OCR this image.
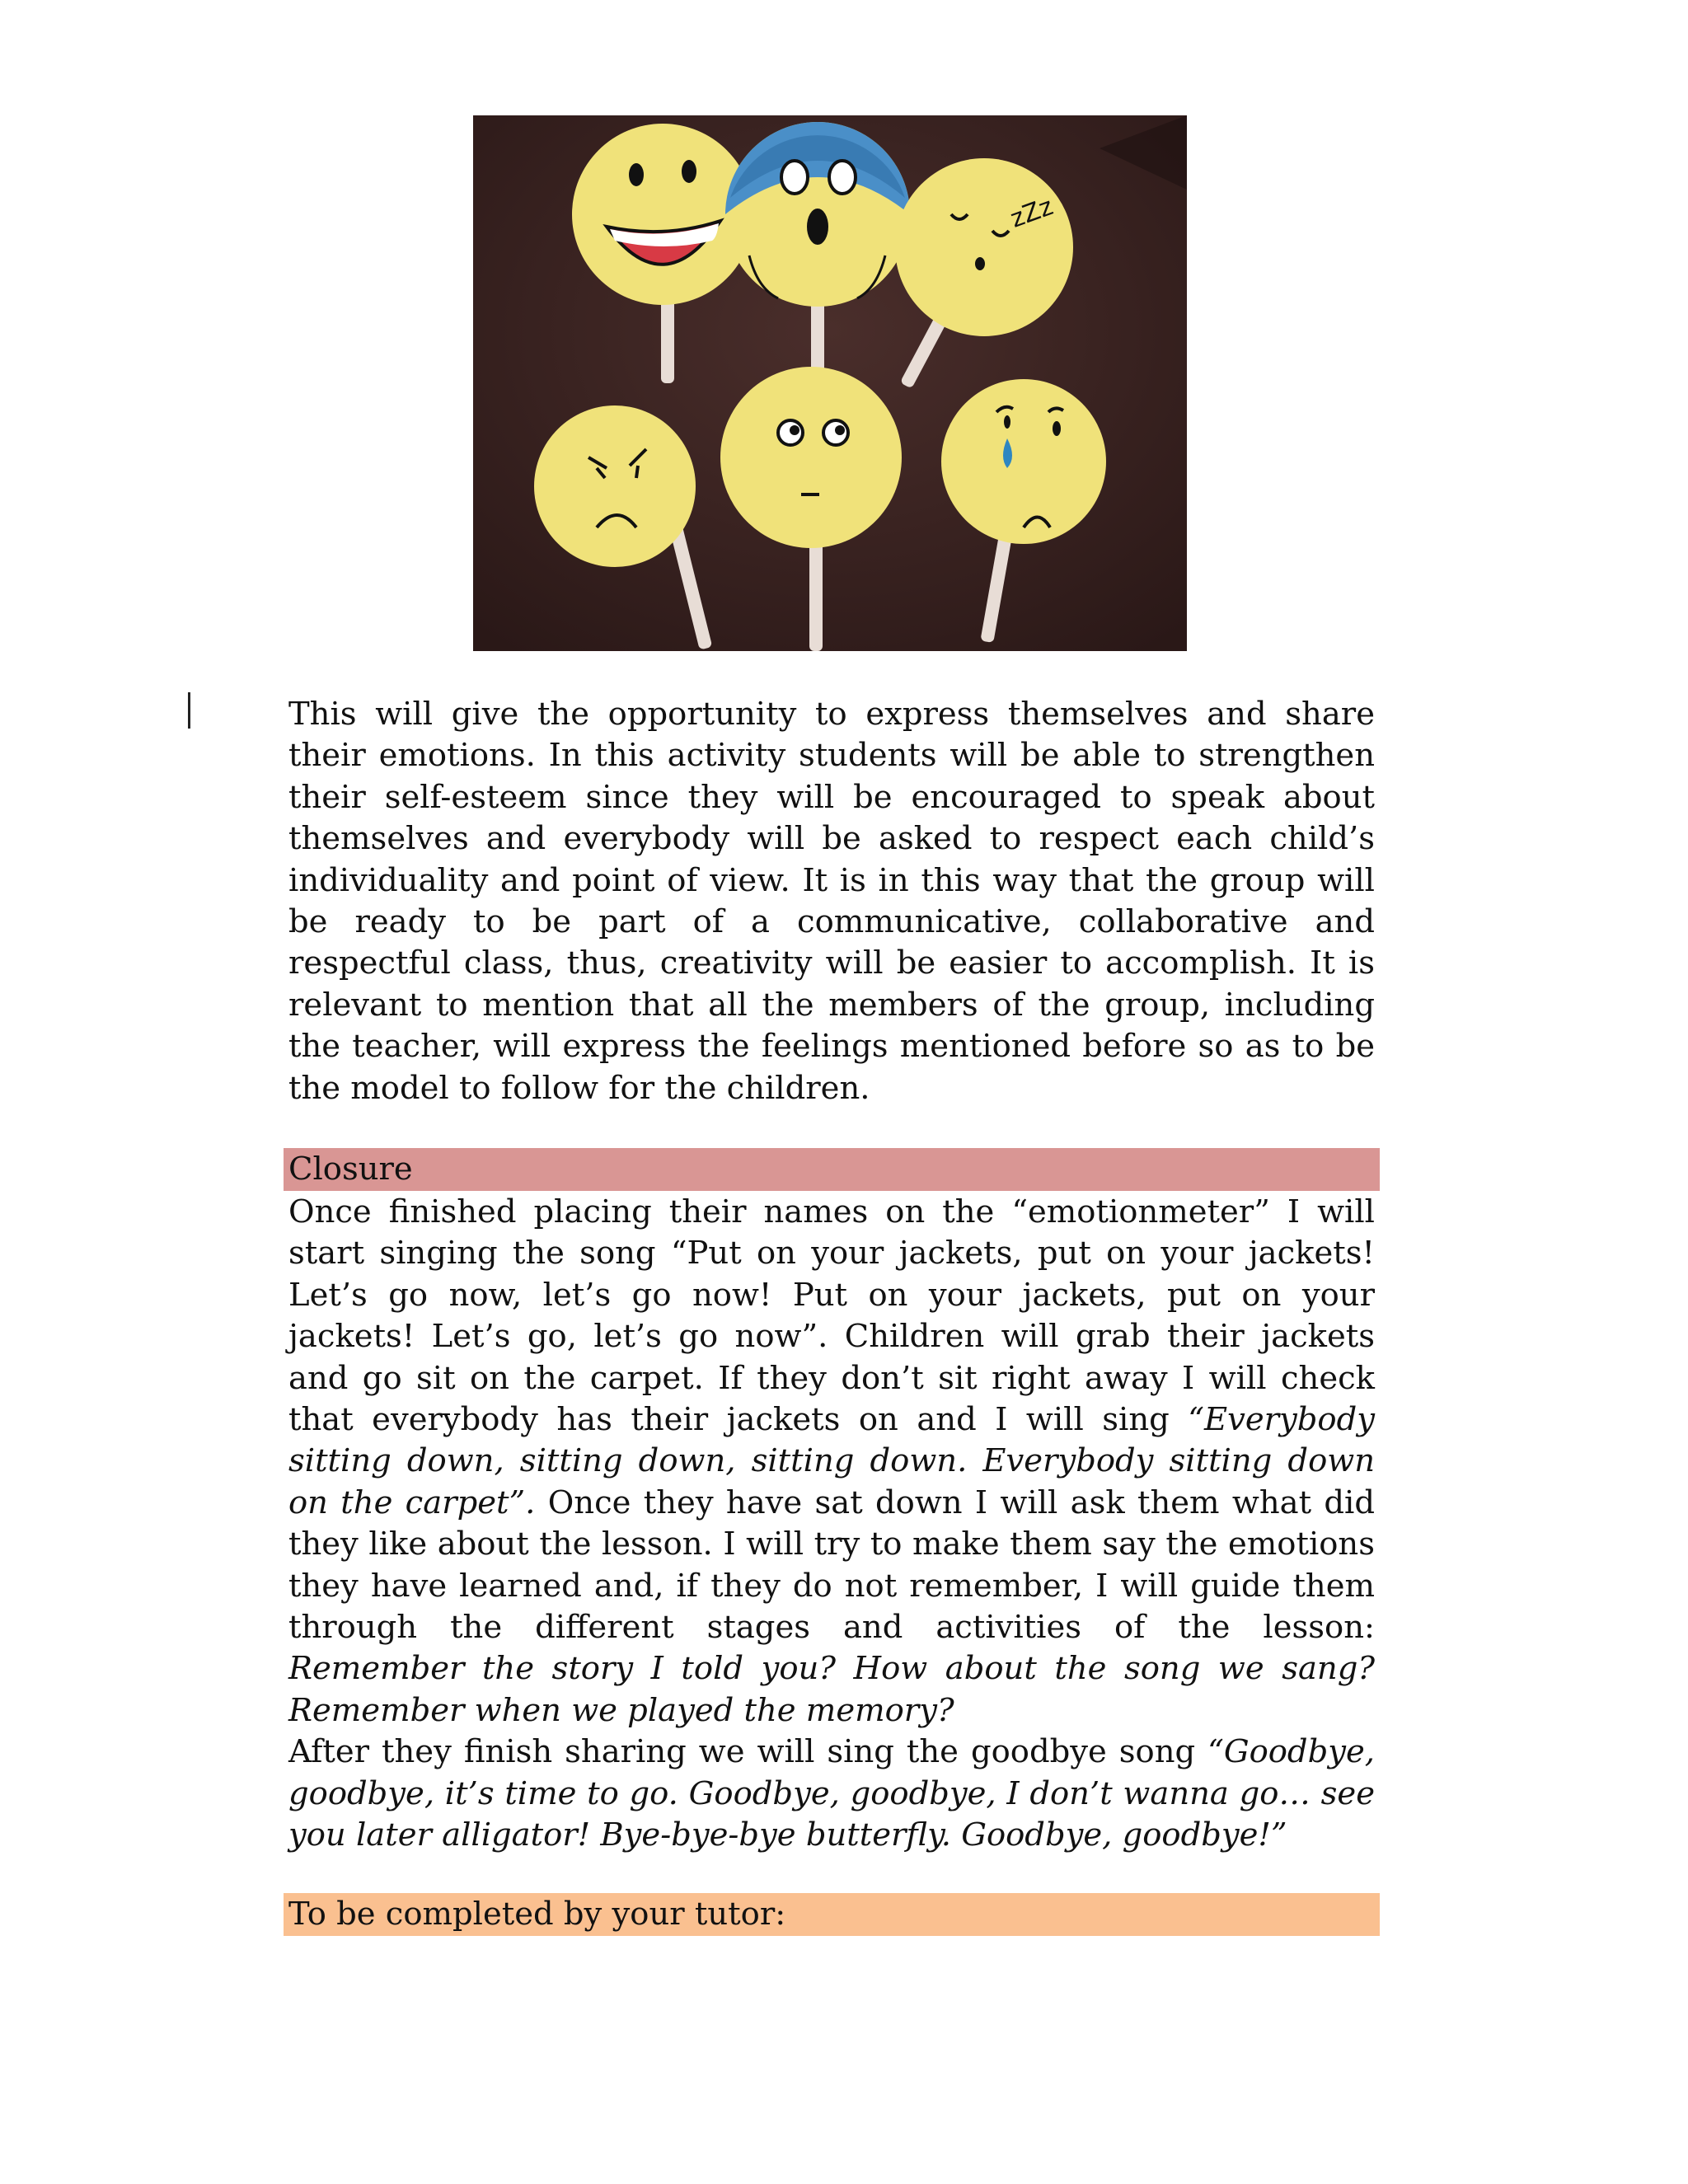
zZz

This will give the opportunity to express themselves and share their emotions. In this activity students will be able to strengthen their self-esteem since they will be encouraged to speak about themselves and everybody will be asked to respect each child’s individuality and point of view. It is in this way that the group will be ready to be part of a communicative, collaborative and respectful class, thus, creativity will be easier to accomplish. It is relevant to mention that all the members of the group, including the teacher, will express the feelings mentioned before so as to be the model to follow for the children.

Closure

Once finished placing their names on the “emotionmeter” I will start singing the song “Put on your jackets, put on your jackets! Let’s go now, let’s go now! Put on your jackets, put on your jackets! Let’s go, let’s go now”. Children will grab their jackets and go sit on the carpet. If they don’t sit right away I will check that everybody has their jackets on and I will sing “Everybody sitting down, sitting down, sitting down. Everybody sitting down on the carpet”. Once they have sat down I will ask them what did they like about the lesson. I will try to make them say the emotions they have learned and, if they do not remember, I will guide them through the different stages and activities of the lesson: Remember the story I told you? How about the song we sang? Remember when we played the memory?

After they finish sharing we will sing the goodbye song “Goodbye, goodbye, it’s time to go. Goodbye, goodbye, I don’t wanna go… see you later alligator! Bye-bye-bye butterfly. Goodbye, goodbye!”

To be completed by your tutor:
